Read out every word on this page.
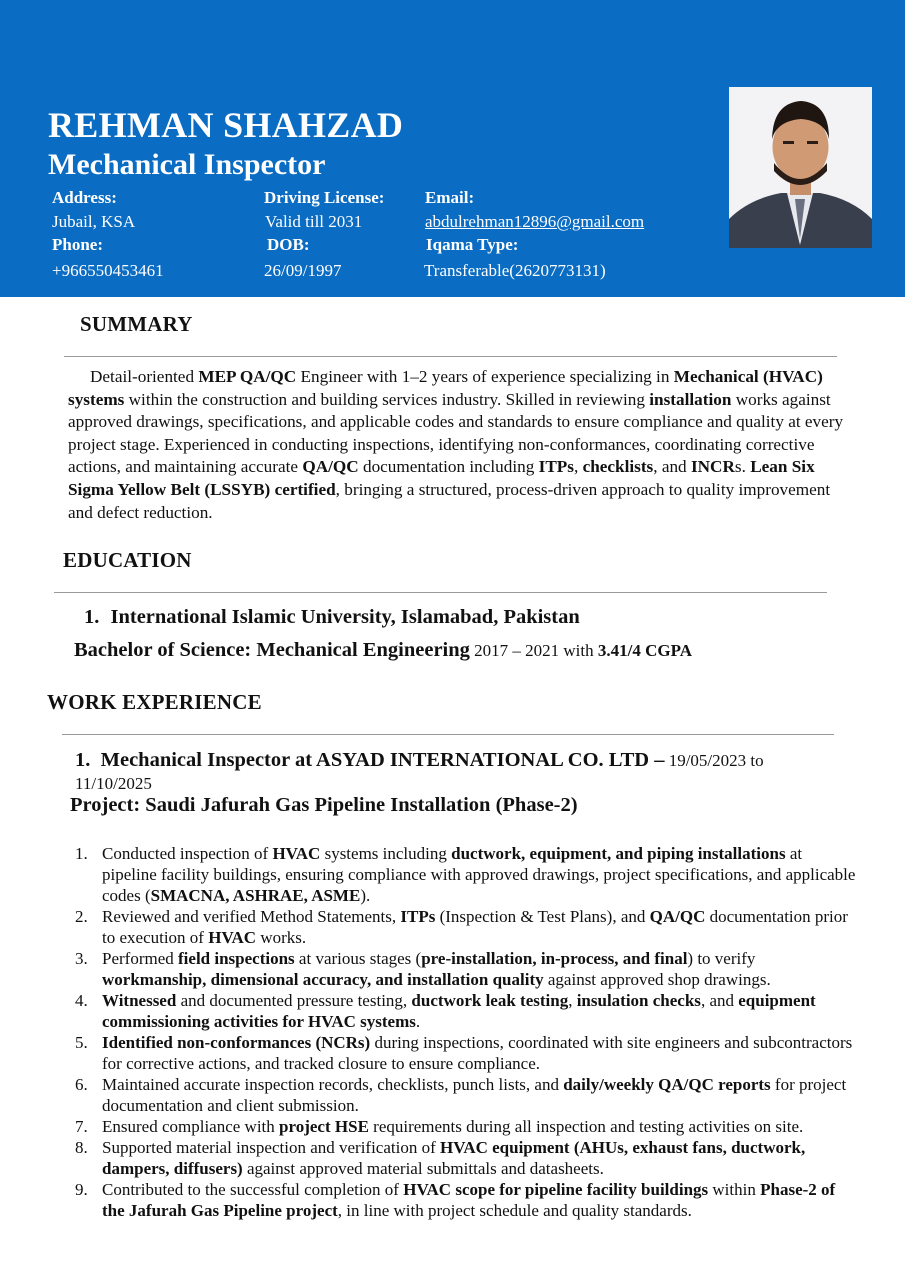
REHMAN SHAHZAD
Mechanical Inspector
Address:
Jubail, KSA
Driving License:
Valid till 2031
Email:
abdulrehman12896@gmail.com
Phone:
+966550453461
DOB:
26/09/1997
Iqama Type:
Transferable(2620773131)
SUMMARY
Detail-oriented MEP QA/QC Engineer with 1–2 years of experience specializing in Mechanical (HVAC) systems within the construction and building services industry. Skilled in reviewing installation works against approved drawings, specifications, and applicable codes and standards to ensure compliance and quality at every project stage. Experienced in conducting inspections, identifying non-conformances, coordinating corrective actions, and maintaining accurate QA/QC documentation including ITPs, checklists, and INCRs. Lean Six Sigma Yellow Belt (LSSYB) certified, bringing a structured, process-driven approach to quality improvement and defect reduction.
EDUCATION
1. International Islamic University, Islamabad, Pakistan
Bachelor of Science: Mechanical Engineering 2017 – 2021 with 3.41/4 CGPA
WORK EXPERIENCE
1. Mechanical Inspector at ASYAD INTERNATIONAL CO. LTD – 19/05/2023 to 11/10/2025
Project: Saudi Jafurah Gas Pipeline Installation (Phase-2)
1. Conducted inspection of HVAC systems including ductwork, equipment, and piping installations at pipeline facility buildings, ensuring compliance with approved drawings, project specifications, and applicable codes (SMACNA, ASHRAE, ASME).
2. Reviewed and verified Method Statements, ITPs (Inspection & Test Plans), and QA/QC documentation prior to execution of HVAC works.
3. Performed field inspections at various stages (pre-installation, in-process, and final) to verify workmanship, dimensional accuracy, and installation quality against approved shop drawings.
4. Witnessed and documented pressure testing, ductwork leak testing, insulation checks, and equipment commissioning activities for HVAC systems.
5. Identified non-conformances (NCRs) during inspections, coordinated with site engineers and subcontractors for corrective actions, and tracked closure to ensure compliance.
6. Maintained accurate inspection records, checklists, punch lists, and daily/weekly QA/QC reports for project documentation and client submission.
7. Ensured compliance with project HSE requirements during all inspection and testing activities on site.
8. Supported material inspection and verification of HVAC equipment (AHUs, exhaust fans, ductwork, dampers, diffusers) against approved material submittals and datasheets.
9. Contributed to the successful completion of HVAC scope for pipeline facility buildings within Phase-2 of the Jafurah Gas Pipeline project, in line with project schedule and quality standards.
